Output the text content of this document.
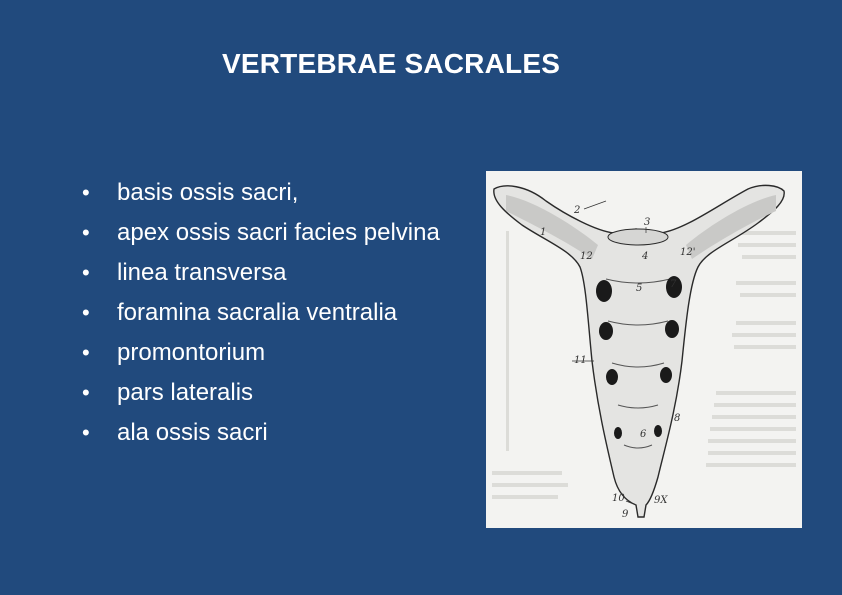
VERTEBRAE SACRALES
•	basis ossis sacri,
•	apex ossis sacri facies pelvina
•	linea transversa
•	foramina sacralia ventralia
•	promontorium
•	pars lateralis
•	ala ossis sacri
1
2
3
4
12	12'
5	7
11
8
6
10
9
9X
